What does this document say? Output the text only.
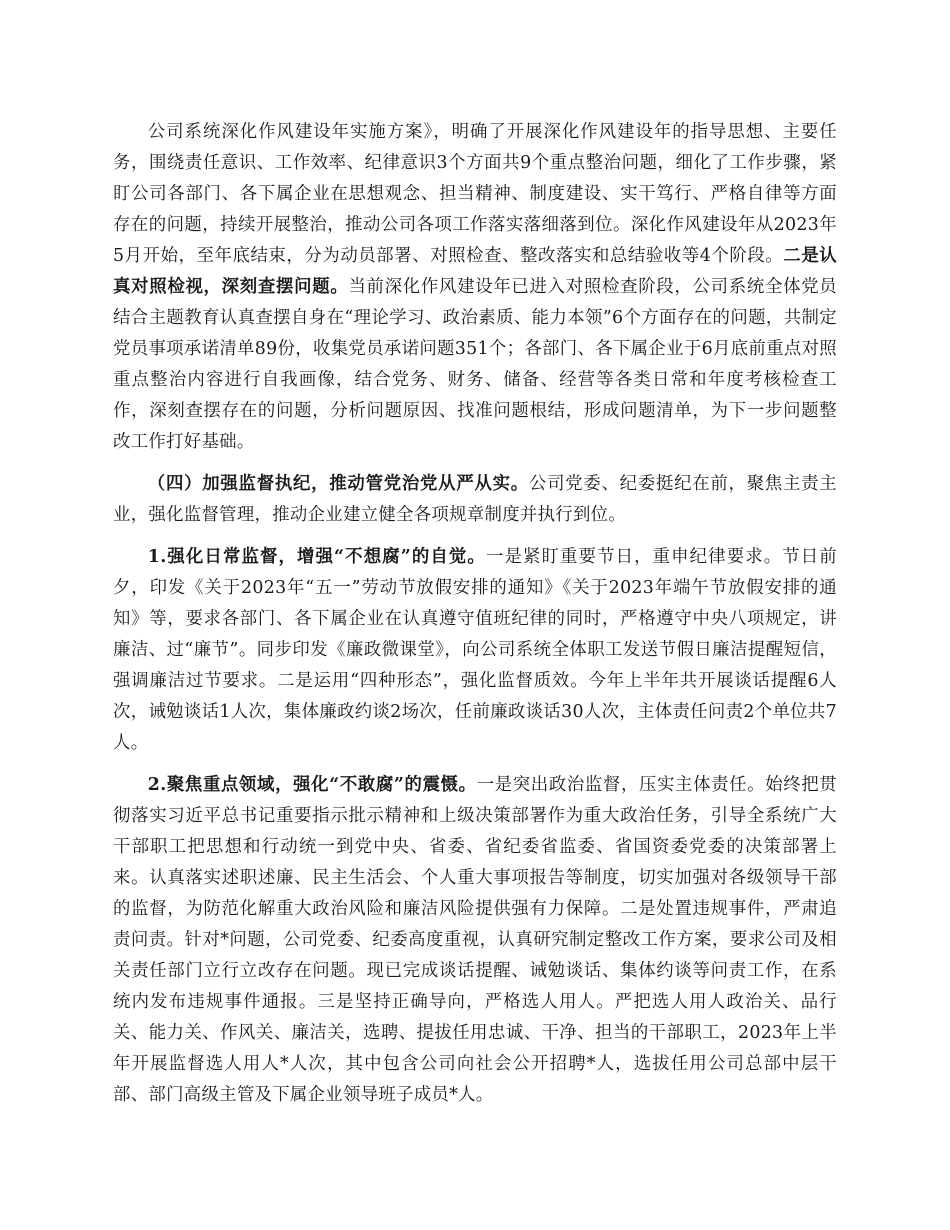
公司系统深化作风建设年实施方案》，明确了开展深化作风建设年的指导思想、主要任务，围绕责任意识、工作效率、纪律意识3个方面共9个重点整治问题，细化了工作步骤，紧盯公司各部门、各下属企业在思想观念、担当精神、制度建设、实干笃行、严格自律等方面存在的问题，持续开展整治，推动公司各项工作落实落细落到位。深化作风建设年从2023年5月开始，至年底结束，分为动员部署、对照检查、整改落实和总结验收等4个阶段。二是认真对照检视，深刻查摆问题。当前深化作风建设年已进入对照检查阶段，公司系统全体党员结合主题教育认真查摆自身在“理论学习、政治素质、能力本领”6个方面存在的问题，共制定党员事项承诺清单89份，收集党员承诺问题351个；各部门、各下属企业于6月底前重点对照重点整治内容进行自我画像，结合党务、财务、储备、经营等各类日常和年度考核检查工作，深刻查摆存在的问题，分析问题原因、找准问题根结，形成问题清单，为下一步问题整改工作打好基础。

（四）加强监督执纪，推动管党治党从严从实。公司党委、纪委挺纪在前，聚焦主责主业，强化监督管理，推动企业建立健全各项规章制度并执行到位。

1.强化日常监督，增强“不想腐”的自觉。一是紧盯重要节日，重申纪律要求。节日前夕，印发《关于2023年“五一”劳动节放假安排的通知》《关于2023年端午节放假安排的通知》等，要求各部门、各下属企业在认真遵守值班纪律的同时，严格遵守中央八项规定，讲廉洁、过“廉节”。同步印发《廉政微课堂》，向公司系统全体职工发送节假日廉洁提醒短信，强调廉洁过节要求。二是运用“四种形态”，强化监督质效。今年上半年共开展谈话提醒6人次，诫勉谈话1人次，集体廉政约谈2场次，任前廉政谈话30人次，主体责任问责2个单位共7人。

2.聚焦重点领域，强化“不敢腐”的震慑。一是突出政治监督，压实主体责任。始终把贯彻落实习近平总书记重要指示批示精神和上级决策部署作为重大政治任务，引导全系统广大干部职工把思想和行动统一到党中央、省委、省纪委省监委、省国资委党委的决策部署上来。认真落实述职述廉、民主生活会、个人重大事项报告等制度，切实加强对各级领导干部的监督，为防范化解重大政治风险和廉洁风险提供强有力保障。二是处置违规事件，严肃追责问责。针对*问题，公司党委、纪委高度重视，认真研究制定整改工作方案，要求公司及相关责任部门立行立改存在问题。现已完成谈话提醒、诫勉谈话、集体约谈等问责工作，在系统内发布违规事件通报。三是坚持正确导向，严格选人用人。严把选人用人政治关、品行关、能力关、作风关、廉洁关，选聘、提拔任用忠诚、干净、担当的干部职工，2023年上半年开展监督选人用人*人次，其中包含公司向社会公开招聘*人，选拔任用公司总部中层干部、部门高级主管及下属企业领导班子成员*人。
